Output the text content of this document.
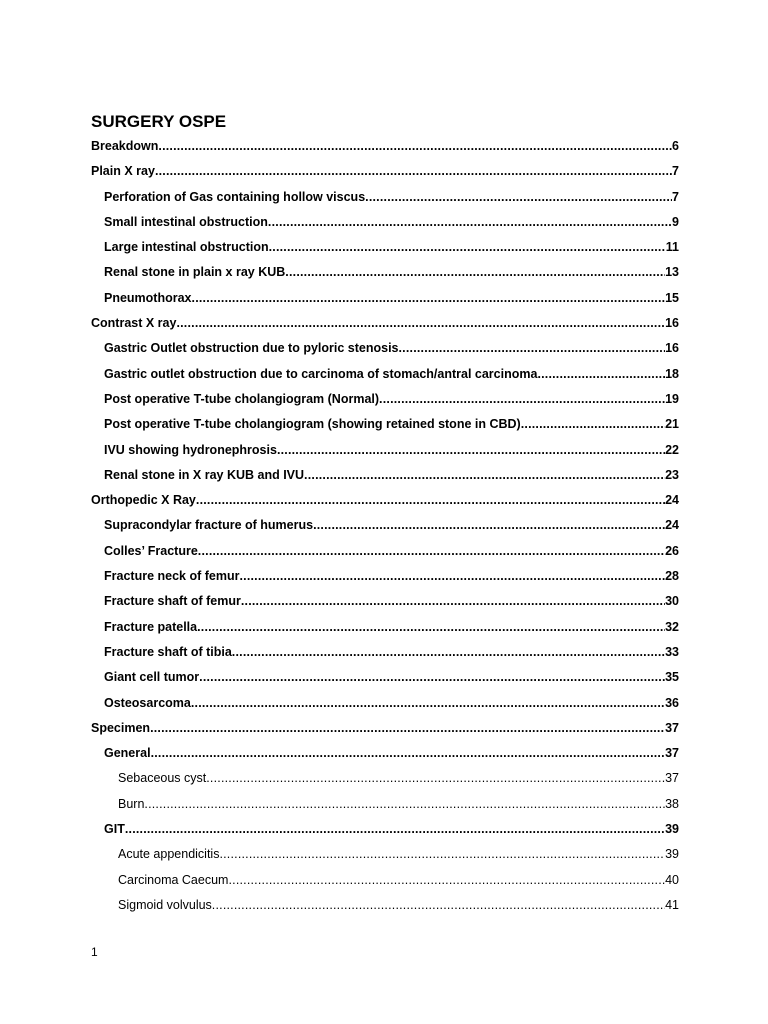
SURGERY OSPE
Breakdown .....	6
Plain X ray .....	7
Perforation of Gas containing hollow viscus .....	7
Small intestinal obstruction .....	9
Large intestinal obstruction .....	11
Renal stone in plain x ray KUB .....	13
Pneumothorax .....	15
Contrast X ray .....	16
Gastric Outlet obstruction due to pyloric stenosis .....	16
Gastric outlet obstruction due to carcinoma of stomach/antral carcinoma .....	18
Post operative T-tube cholangiogram (Normal) .....	19
Post operative T-tube cholangiogram (showing retained stone in CBD) .....	21
IVU showing hydronephrosis .....	22
Renal stone in X ray KUB and IVU .....	23
Orthopedic X Ray .....	24
Supracondylar fracture of humerus .....	24
Colles’ Fracture .....	26
Fracture neck of femur .....	28
Fracture shaft of femur .....	30
Fracture patella .....	32
Fracture shaft of tibia .....	33
Giant cell tumor .....	35
Osteosarcoma .....	36
Specimen .....	37
General .....	37
Sebaceous cyst .....	37
Burn .....	38
GIT .....	39
Acute appendicitis .....	39
Carcinoma Caecum .....	40
Sigmoid volvulus .....	41
1
